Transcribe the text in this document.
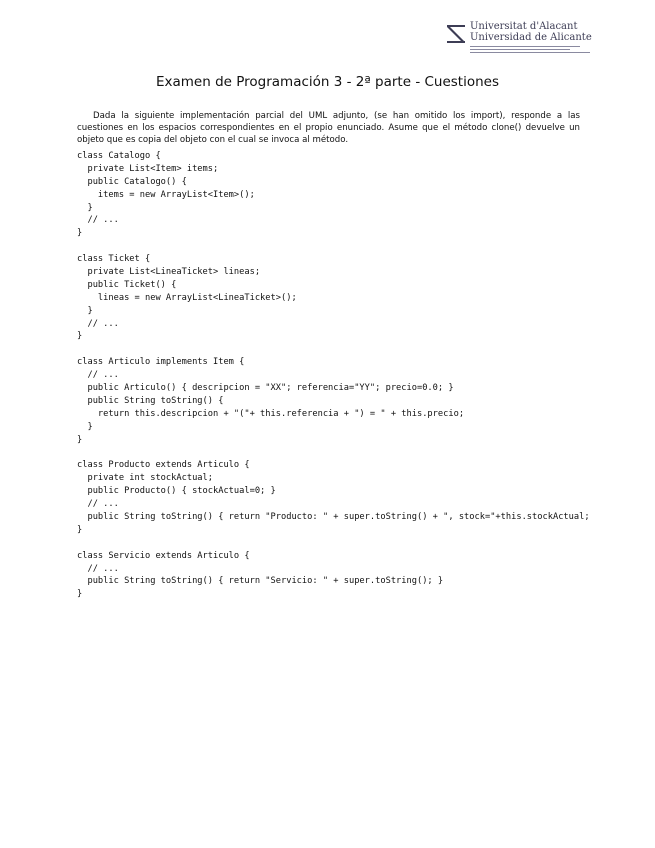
Universitat d'Alacant
Universidad de Alicante
Examen de Programación 3 - 2ª parte - Cuestiones

Dada la siguiente implementación parcial del UML adjunto, (se han omitido los import), responde a las cuestiones en los espacios correspondientes en el propio enunciado. Asume que el método clone() devuelve un objeto que es copia del objeto con el cual se invoca al método.

class Catalogo {
private List<Item> items;
public Catalogo() {
items = new ArrayList<Item>();
}
// ...
}
class Ticket {
private List<LineaTicket> lineas;
public Ticket() {
lineas = new ArrayList<LineaTicket>();
}
// ...
}
class Articulo implements Item {
// ...
public Articulo() { descripcion = "XX"; referencia="YY"; precio=0.0; }
public String toString() {
return this.descripcion + "("+ this.referencia + ") = " + this.precio;
}
}
class Producto extends Articulo {
private int stockActual;
public Producto() { stockActual=0; }
// ...
public String toString() { return "Producto: " + super.toString() + ", stock="+this.stockActual;
}
class Servicio extends Articulo {
// ...
public String toString() { return "Servicio: " + super.toString(); }
}
